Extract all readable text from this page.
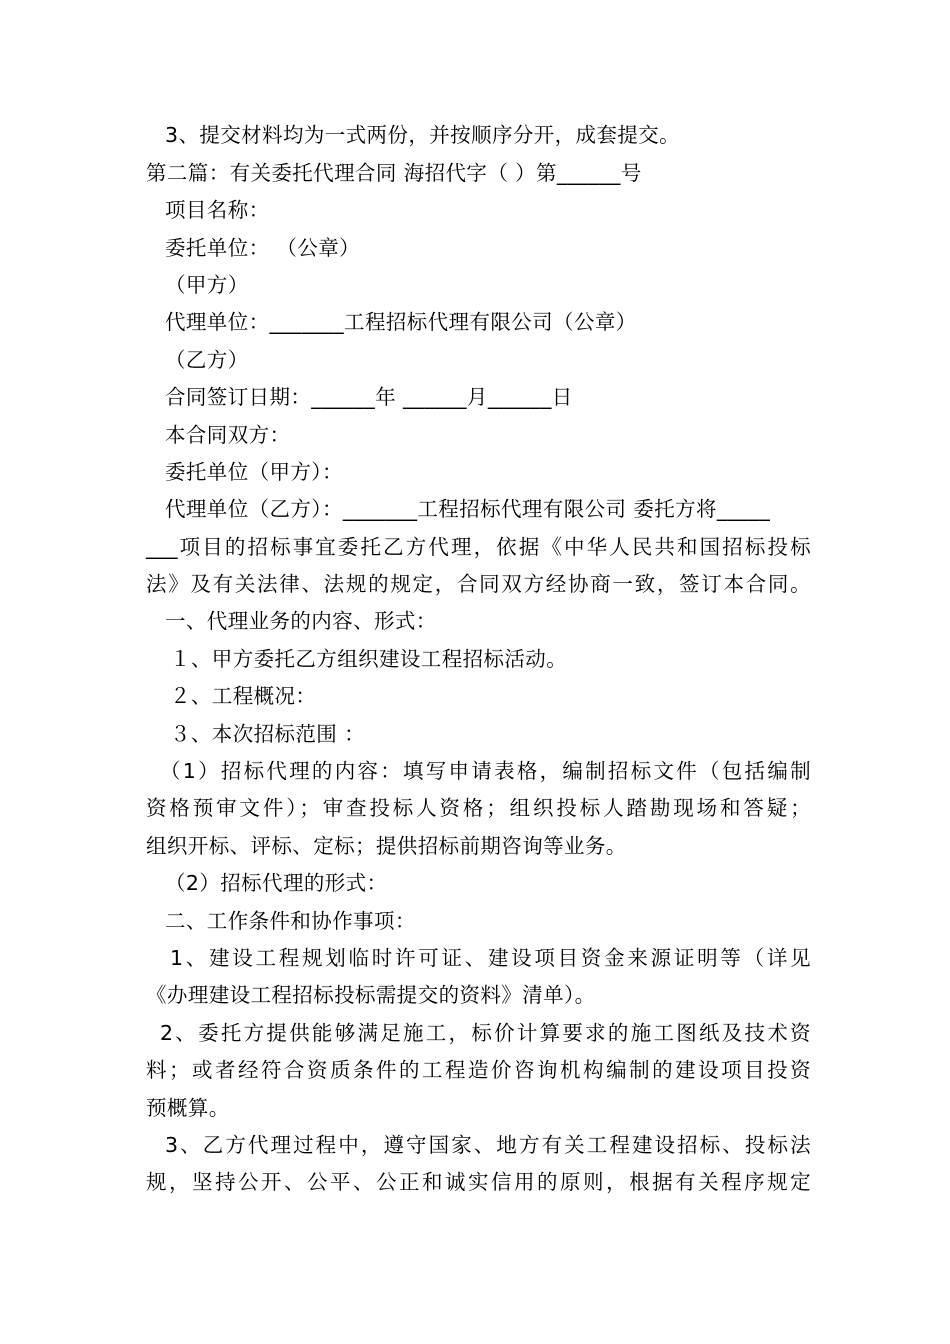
3、提交材料均为一式两份，并按顺序分开，成套提交。
第二篇：有关委托代理合同 海招代字（ ）第______号
项目名称：
委托单位： （公章）
（甲方）
代理单位：_______工程招标代理有限公司（公章）
（乙方）
合同签订日期：______年 ______月______日
本合同双方：
委托单位（甲方）：
代理单位（乙方）：_______工程招标代理有限公司 委托方将_____
___项目的招标事宜委托乙方代理，依据《中华人民共和国招标投标
法》及有关法律、法规的规定，合同双方经协商一致，签订本合同。
一、代理业务的内容、形式：
１、甲方委托乙方组织建设工程招标活动。
２、工程概况：
３、本次招标范围 ：
（1）招标代理的内容：填写申请表格，编制招标文件（包括编制
资格预审文件）；审查投标人资格；组织投标人踏勘现场和答疑；
组织开标、评标、定标；提供招标前期咨询等业务。
（2）招标代理的形式：
二、工作条件和协作事项：
1、建设工程规划临时许可证、建设项目资金来源证明等（详见
《办理建设工程招标投标需提交的资料》清单）。
2、委托方提供能够满足施工，标价计算要求的施工图纸及技术资
料；或者经符合资质条件的工程造价咨询机构编制的建设项目投资
预概算。
3、乙方代理过程中，遵守国家、地方有关工程建设招标、投标法
规，坚持公开、公平、公正和诚实信用的原则，根据有关程序规定
